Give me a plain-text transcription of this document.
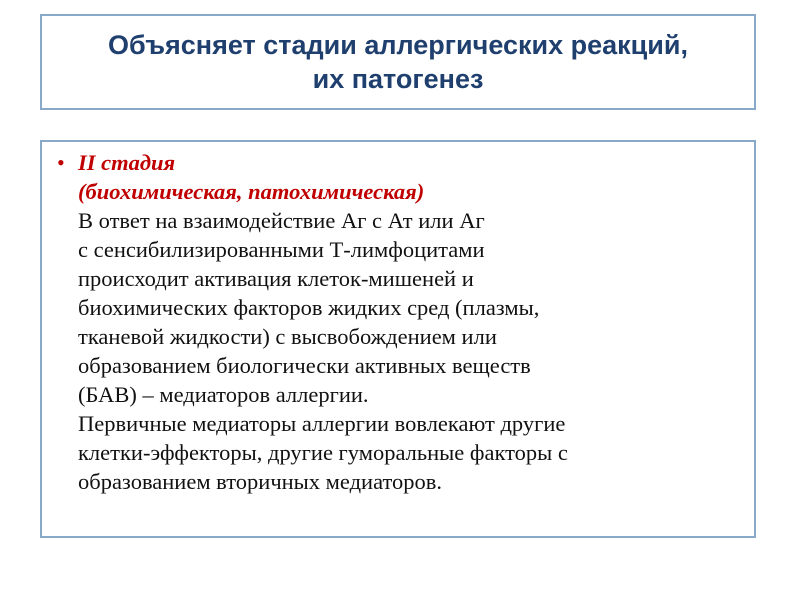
Объясняет стадии аллергических реакций,
их патогенез
• II стадия
(биохимическая, патохимическая)
В ответ на взаимодействие Аг с Ат или Аг
с сенсибилизированными Т-лимфоцитами
происходит активация клеток-мишеней и
биохимических факторов жидких сред (плазмы,
тканевой жидкости) с высвобождением или
образованием биологически активных веществ
(БАВ) – медиаторов аллергии.
Первичные медиаторы аллергии вовлекают другие
клетки-эффекторы, другие гуморальные факторы с
образованием вторичных медиаторов.
